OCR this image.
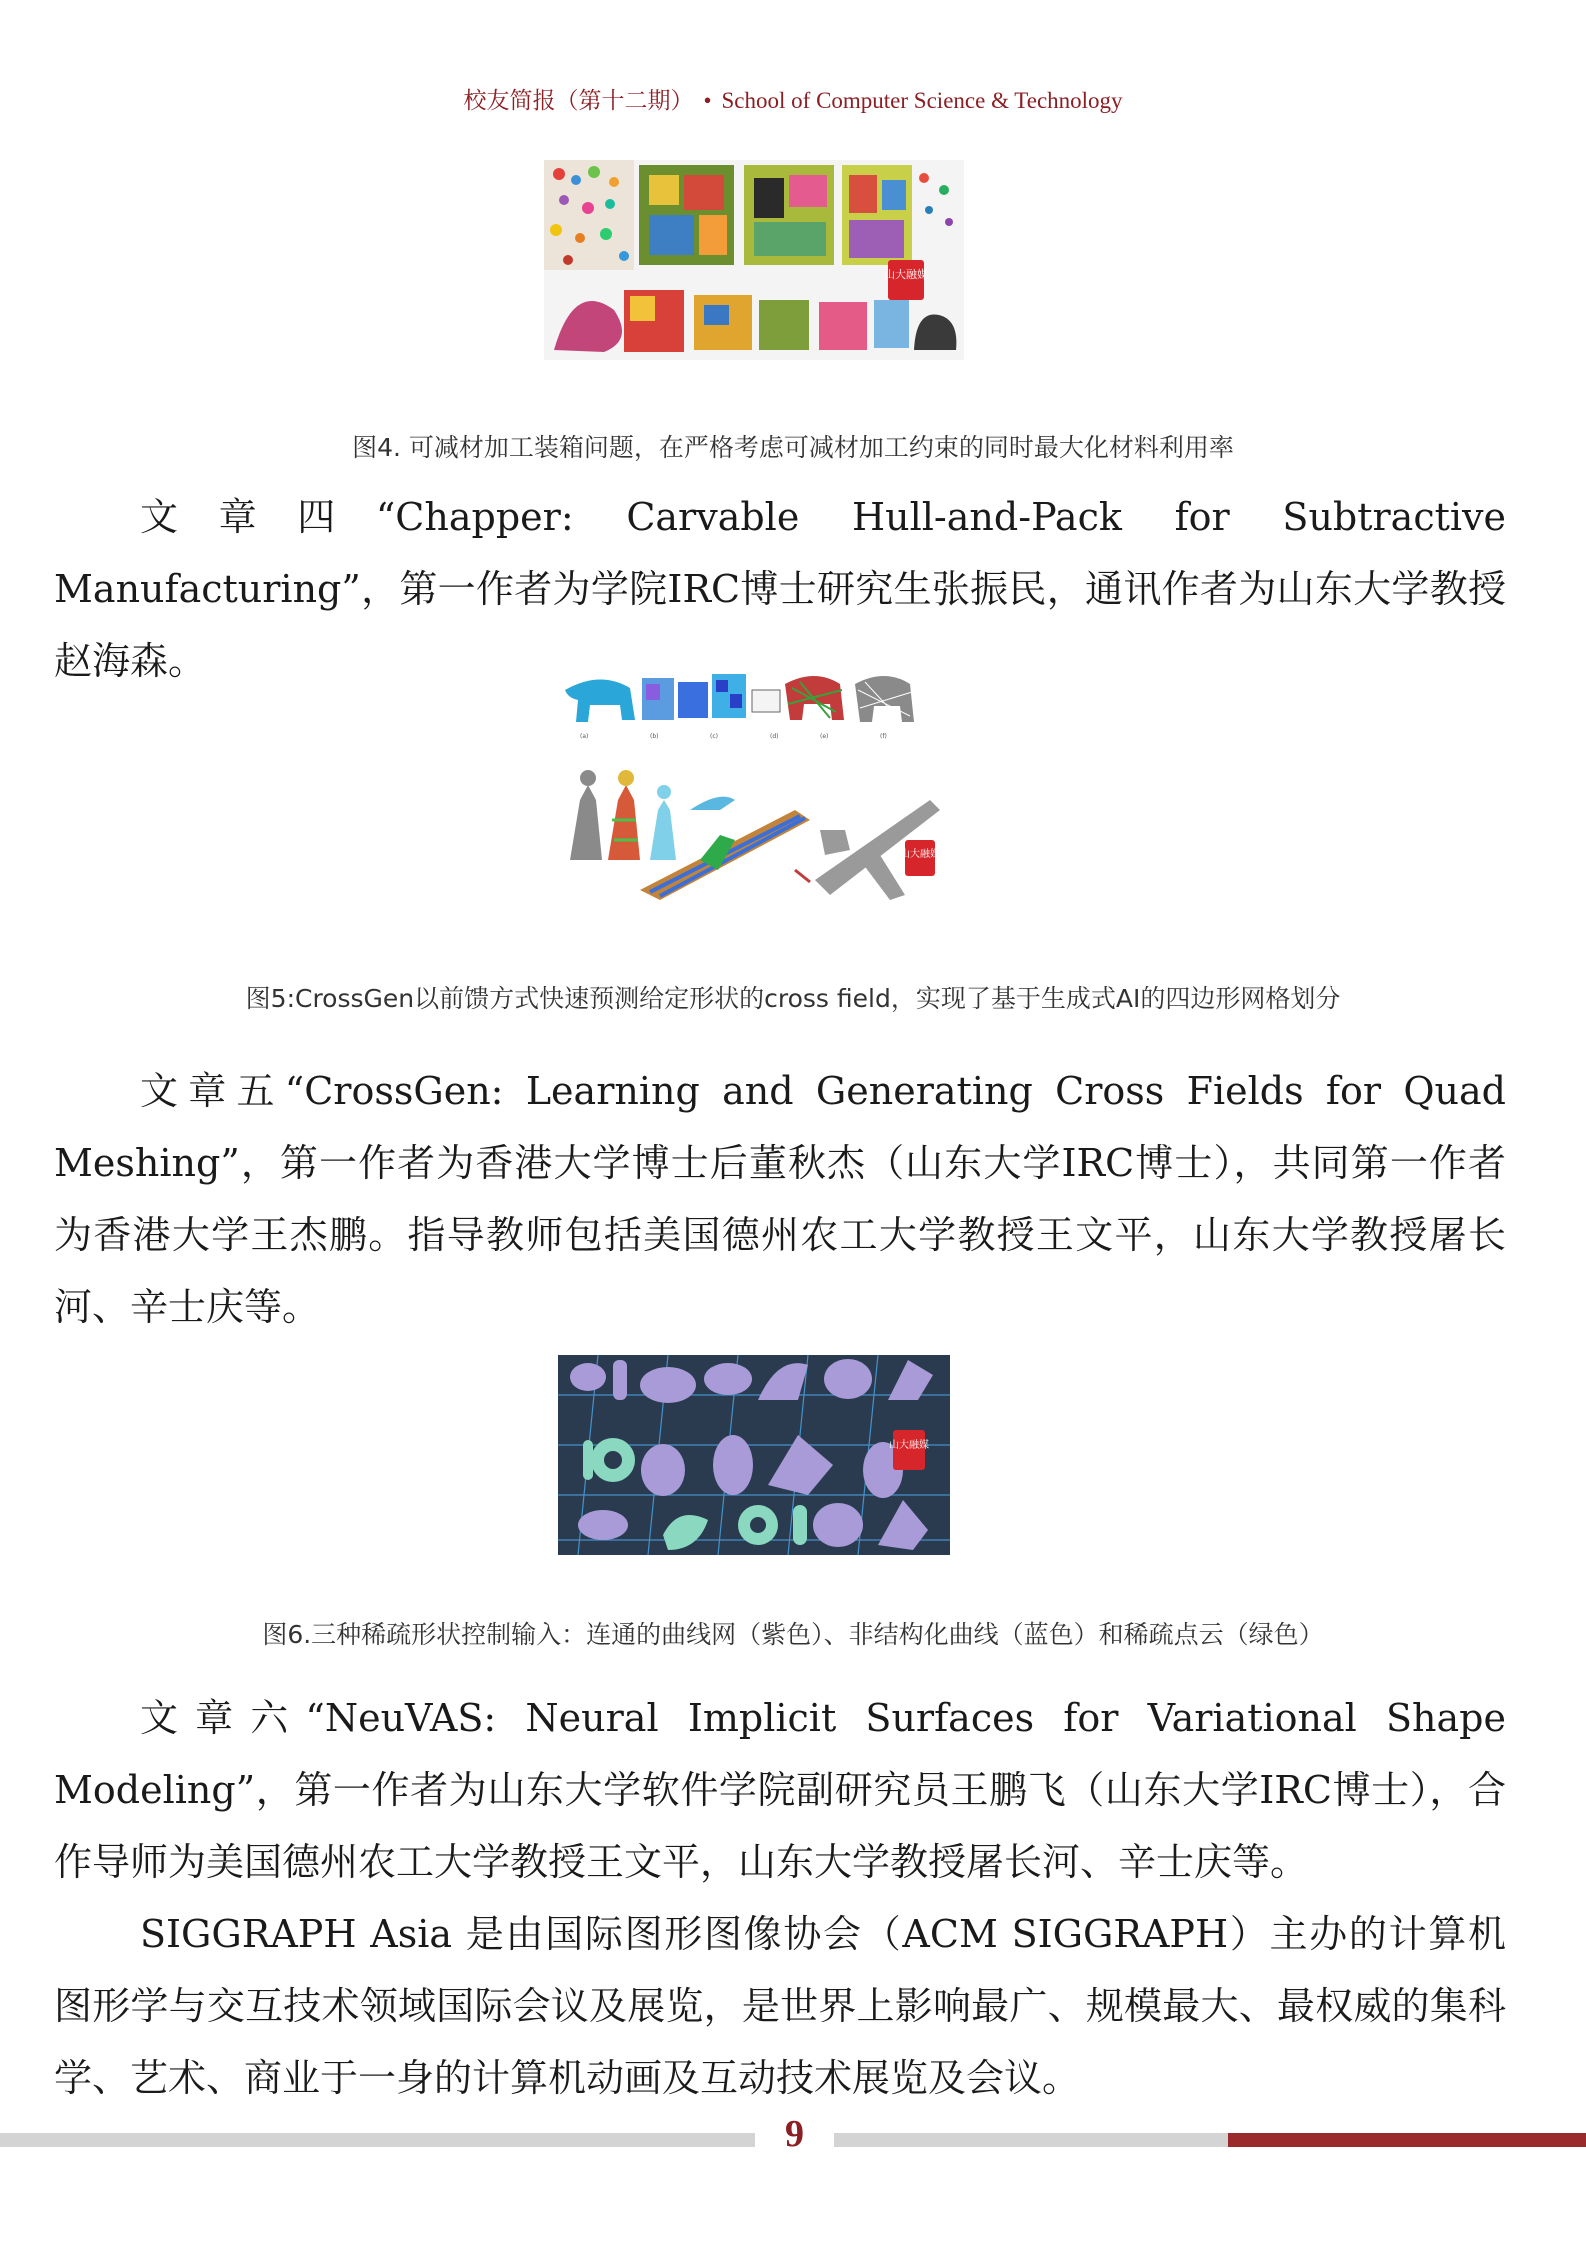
校友简报（第十二期） • School of Computer Science & Technology
山大融媒
图4. 可减材加工装箱问题，在严格考虑可减材加工约束的同时最大化材料利用率
文章四“Chapper: Carvable Hull-and-Pack for Subtractive Manufacturing”，第一作者为学院IRC博士研究生张振民，通讯作者为山东大学教授赵海森。
(a)	(b)	(c)	(d)	(e)	(f)
山大融媒
图5:CrossGen以前馈方式快速预测给定形状的cross field，实现了基于生成式AI的四边形网格划分
文章五“CrossGen: Learning and Generating Cross Fields for Quad Meshing”，第一作者为香港大学博士后董秋杰（山东大学IRC博士），共同第一作者为香港大学王杰鹏。指导教师包括美国德州农工大学教授王文平，山东大学教授屠长河、辛士庆等。
山大融媒
图6.三种稀疏形状控制输入：连通的曲线网（紫色）、非结构化曲线（蓝色）和稀疏点云（绿色）
文章六“NeuVAS: Neural Implicit Surfaces for Variational Shape Modeling”，第一作者为山东大学软件学院副研究员王鹏飞（山东大学IRC博士），合作导师为美国德州农工大学教授王文平，山东大学教授屠长河、辛士庆等。
SIGGRAPH Asia 是由国际图形图像协会（ACM SIGGRAPH）主办的计算机图形学与交互技术领域国际会议及展览，是世界上影响最广、规模最大、最权威的集科学、艺术、商业于一身的计算机动画及互动技术展览及会议。
9
